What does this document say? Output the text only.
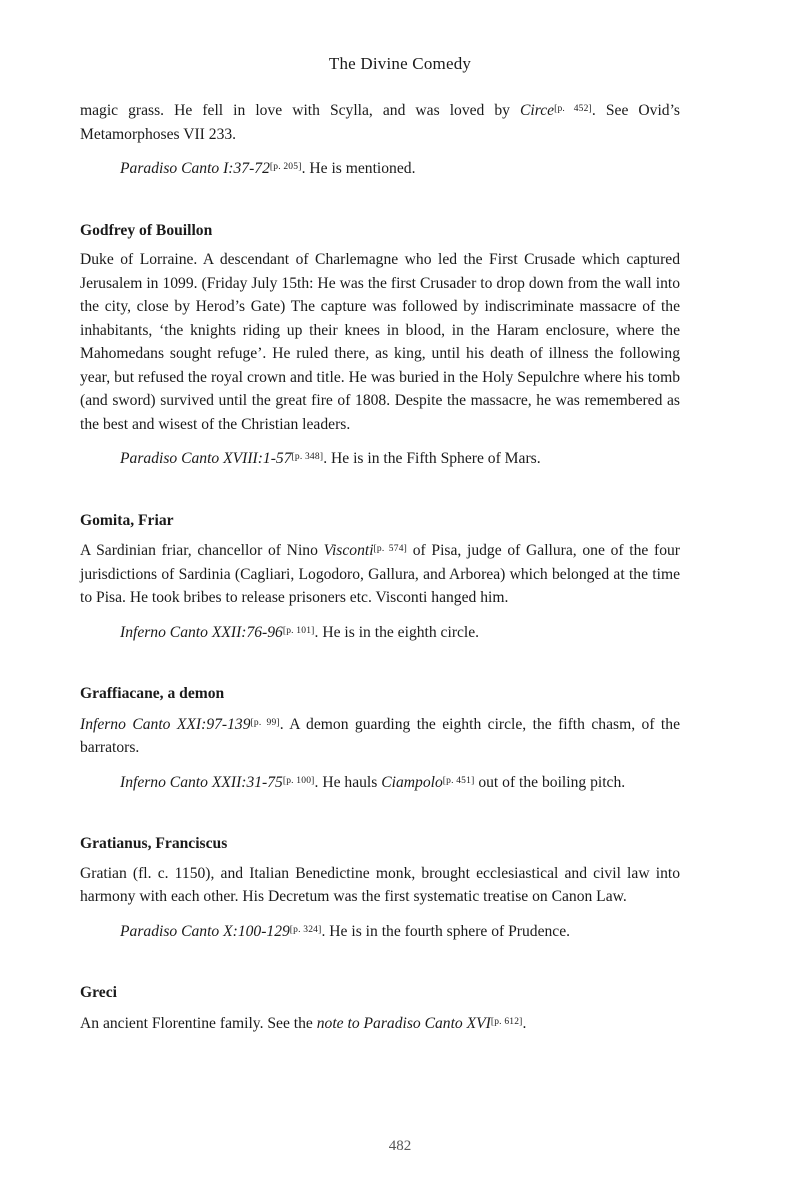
The Divine Comedy

magic grass. He fell in love with Scylla, and was loved by Circe[p. 452]. See Ovid’s Metamorphoses VII 233.

Paradiso Canto I:37-72[p. 205]. He is mentioned.

Godfrey of Bouillon

Duke of Lorraine. A descendant of Charlemagne who led the First Crusade which captured Jerusalem in 1099. (Friday July 15th: He was the first Crusader to drop down from the wall into the city, close by Herod’s Gate) The capture was followed by indiscriminate massacre of the inhabitants, ‘the knights riding up their knees in blood, in the Haram enclosure, where the Mahomedans sought refuge’. He ruled there, as king, until his death of illness the following year, but refused the royal crown and title. He was buried in the Holy Sepulchre where his tomb (and sword) survived until the great fire of 1808. Despite the massacre, he was remembered as the best and wisest of the Christian leaders.

Paradiso Canto XVIII:1-57[p. 348]. He is in the Fifth Sphere of Mars.

Gomita, Friar

A Sardinian friar, chancellor of Nino Visconti[p. 574] of Pisa, judge of Gallura, one of the four jurisdictions of Sardinia (Cagliari, Logodoro, Gallura, and Arborea) which belonged at the time to Pisa. He took bribes to release prisoners etc. Visconti hanged him.

Inferno Canto XXII:76-96[p. 101]. He is in the eighth circle.

Graffiacane, a demon

Inferno Canto XXI:97-139[p. 99]. A demon guarding the eighth circle, the fifth chasm, of the barrators.

Inferno Canto XXII:31-75[p. 100]. He hauls Ciampolo[p. 451] out of the boiling pitch.

Gratianus, Franciscus

Gratian (fl. c. 1150), and Italian Benedictine monk, brought ecclesiastical and civil law into harmony with each other. His Decretum was the first systematic treatise on Canon Law.

Paradiso Canto X:100-129[p. 324]. He is in the fourth sphere of Prudence.

Greci

An ancient Florentine family. See the note to Paradiso Canto XVI[p. 612].

482
